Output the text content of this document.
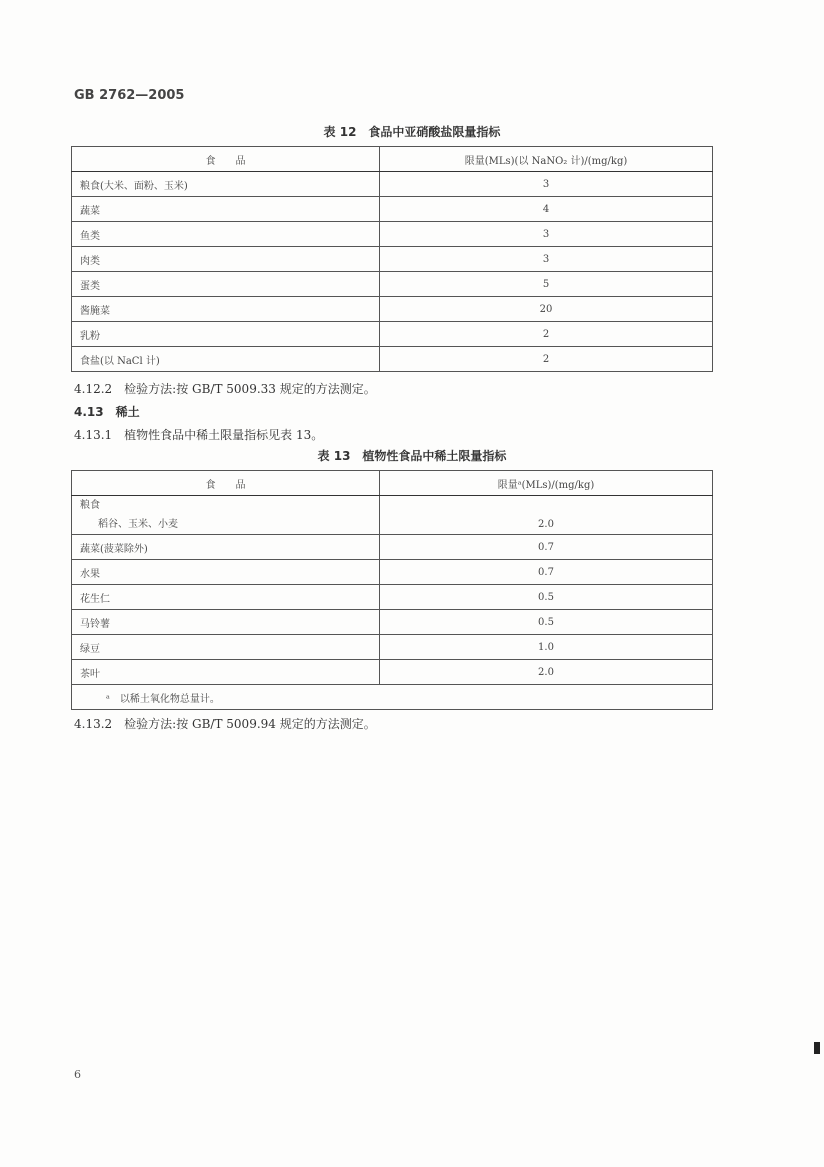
GB 2762—2005
表 12　食品中亚硝酸盐限量指标
食　　品	限量(MLs)(以 NaNO₂ 计)/(mg/kg)
粮食(大米、面粉、玉米)	3
蔬菜	4
鱼类	3
肉类	3
蛋类	5
酱腌菜	20
乳粉	2
食盐(以 NaCl 计)	2
4.12.2　检验方法:按 GB/T 5009.33 规定的方法测定。
4.13　稀土
4.13.1　植物性食品中稀土限量指标见表 13。
表 13　植物性食品中稀土限量指标
食　　品	限量ᵃ(MLs)/(mg/kg)
粮食
稻谷、玉米、小麦	2.0
蔬菜(菠菜除外)	0.7
水果	0.7
花生仁	0.5
马铃薯	0.5
绿豆	1.0
茶叶	2.0
ᵃ　以稀土氧化物总量计。	
4.13.2　检验方法:按 GB/T 5009.94 规定的方法测定。
6
